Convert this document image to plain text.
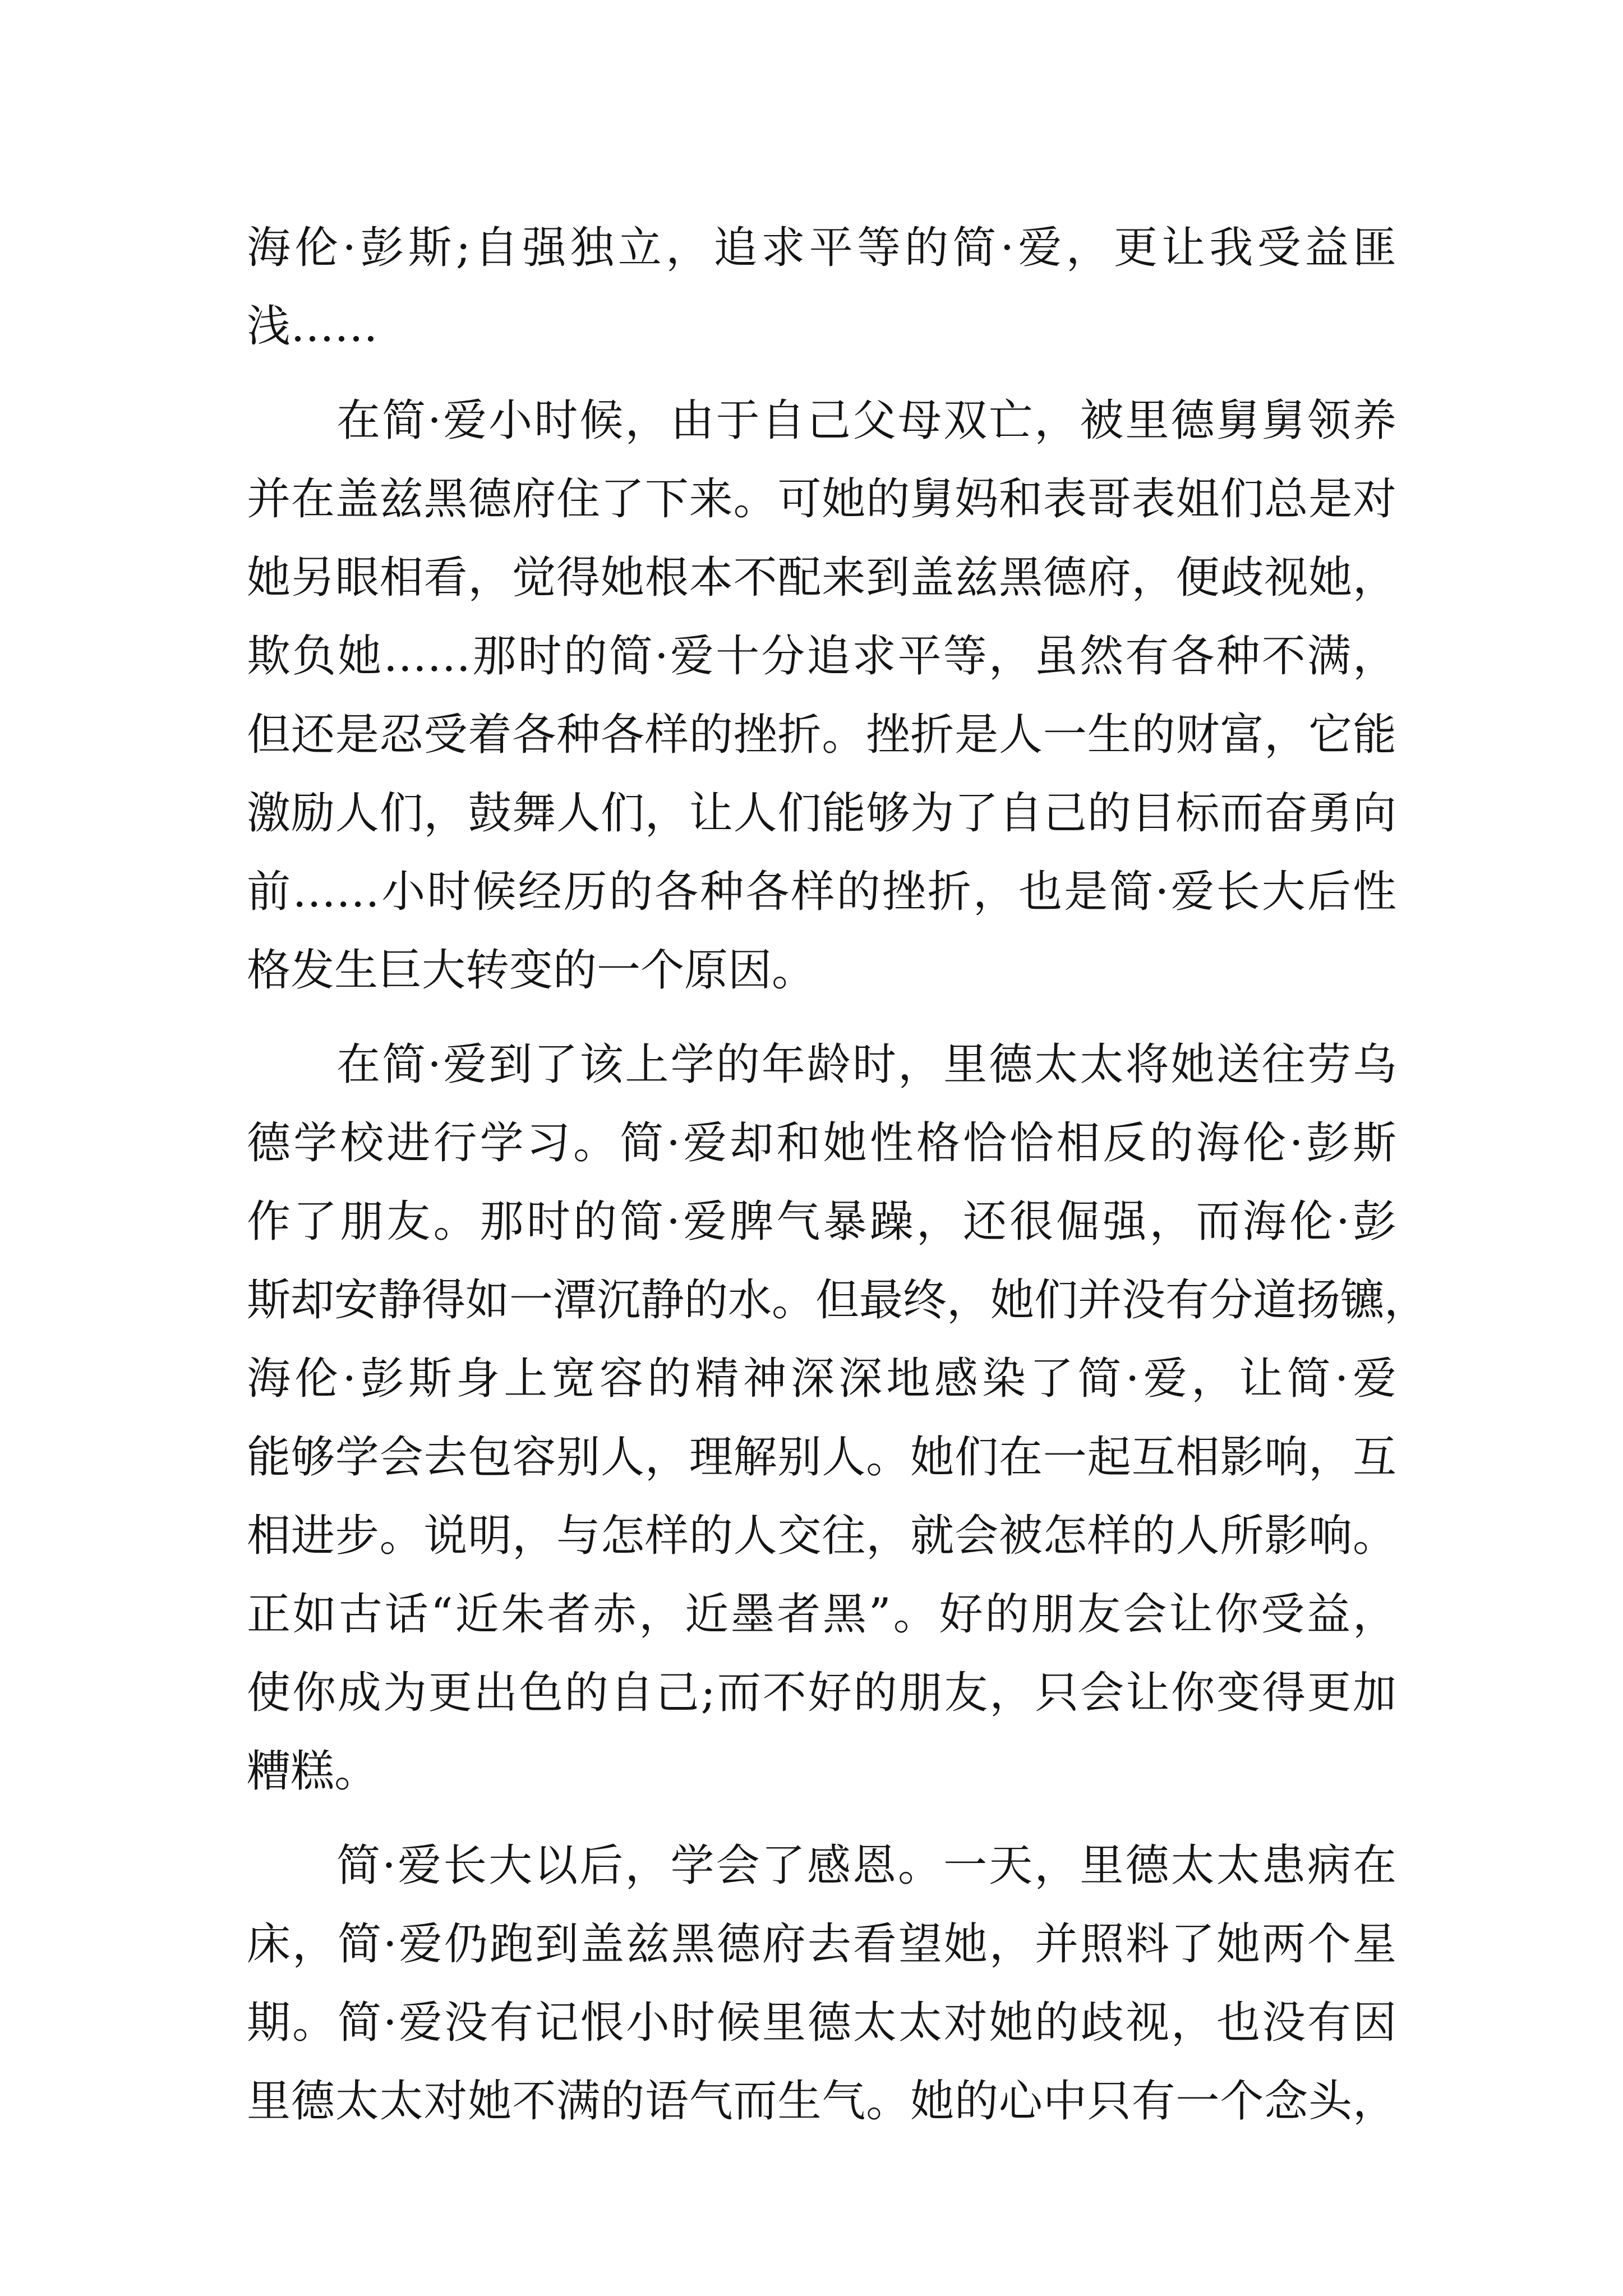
海伦·彭斯;自强独立，追求平等的简·爱，更让我受益匪
浅……
在简·爱小时候，由于自己父母双亡，被里德舅舅领养
并在盖兹黑德府住了下来。可她的舅妈和表哥表姐们总是对
她另眼相看，觉得她根本不配来到盖兹黑德府，便歧视她，
欺负她……那时的简·爱十分追求平等，虽然有各种不满，
但还是忍受着各种各样的挫折。挫折是人一生的财富，它能
激励人们，鼓舞人们，让人们能够为了自己的目标而奋勇向
前……小时候经历的各种各样的挫折，也是简·爱长大后性
格发生巨大转变的一个原因。
在简·爱到了该上学的年龄时，里德太太将她送往劳乌
德学校进行学习。简·爱却和她性格恰恰相反的海伦·彭斯
作了朋友。那时的简·爱脾气暴躁，还很倔强，而海伦·彭
斯却安静得如一潭沉静的水。但最终，她们并没有分道扬镳，
海伦·彭斯身上宽容的精神深深地感染了简·爱，让简·爱
能够学会去包容别人，理解别人。她们在一起互相影响，互
相进步。说明，与怎样的人交往，就会被怎样的人所影响。
正如古话“近朱者赤，近墨者黑”。好的朋友会让你受益，
使你成为更出色的自己;而不好的朋友，只会让你变得更加
糟糕。
简·爱长大以后，学会了感恩。一天，里德太太患病在
床，简·爱仍跑到盖兹黑德府去看望她，并照料了她两个星
期。简·爱没有记恨小时候里德太太对她的歧视，也没有因
里德太太对她不满的语气而生气。她的心中只有一个念头，
